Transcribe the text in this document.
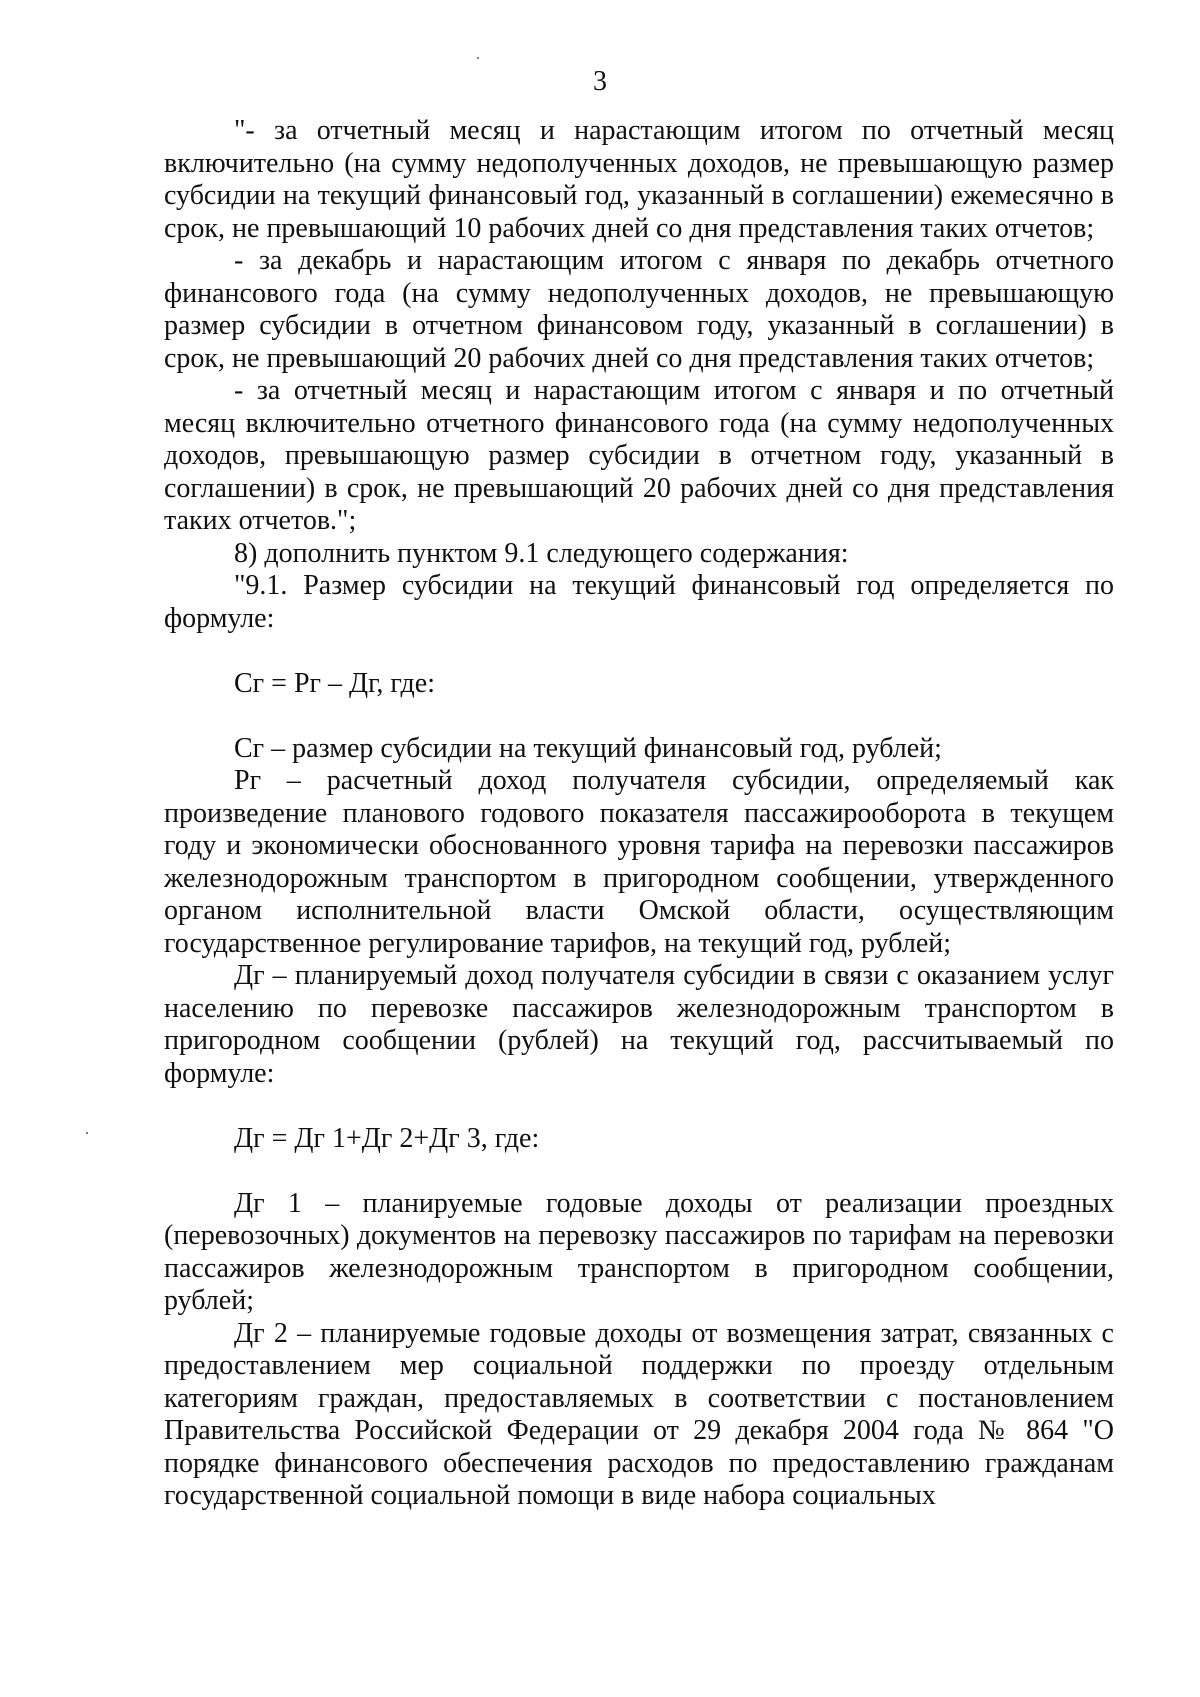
3

"- за отчетный месяц и нарастающим итогом по отчетный месяц включительно (на сумму недополученных доходов, не превышающую размер субсидии на текущий финансовый год, указанный в соглашении) ежемесячно в срок, не превышающий 10 рабочих дней со дня представления таких отчетов;

- за декабрь и нарастающим итогом с января по декабрь отчетного финансового года (на сумму недополученных доходов, не превышающую размер субсидии в отчетном финансовом году, указанный в соглашении) в срок, не превышающий 20 рабочих дней со дня представления таких отчетов;

- за отчетный месяц и нарастающим итогом с января и по отчетный месяц включительно отчетного финансового года (на сумму недополученных доходов, превышающую размер субсидии в отчетном году, указанный в соглашении) в срок, не превышающий 20 рабочих дней со дня представления таких отчетов.";

8) дополнить пунктом 9.1 следующего содержания:

"9.1. Размер субсидии на текущий финансовый год определяется по формуле:

Сг = Рг – Дг, где:

Сг – размер субсидии на текущий финансовый год, рублей;

Рг – расчетный доход получателя субсидии, определяемый как произведение планового годового показателя пассажирооборота в текущем году и экономически обоснованного уровня тарифа на перевозки пассажиров железнодорожным транспортом в пригородном сообщении, утвержденного органом исполнительной власти Омской области, осуществляющим государственное регулирование тарифов, на текущий год, рублей;

Дг – планируемый доход получателя субсидии в связи с оказанием услуг населению по перевозке пассажиров железнодорожным транспортом в пригородном сообщении (рублей) на текущий год, рассчитываемый по формуле:

Дг = Дг 1+Дг 2+Дг 3, где:

Дг 1 – планируемые годовые доходы от реализации проездных (перевозочных) документов на перевозку пассажиров по тарифам на перевозки пассажиров железнодорожным транспортом в пригородном сообщении, рублей;

Дг 2 – планируемые годовые доходы от возмещения затрат, связанных с предоставлением мер социальной поддержки по проезду отдельным категориям граждан, предоставляемых в соответствии с постановлением Правительства Российской Федерации от 29 декабря 2004 года № 864 "О порядке финансового обеспечения расходов по предоставлению гражданам государственной социальной помощи в виде набора социальных
